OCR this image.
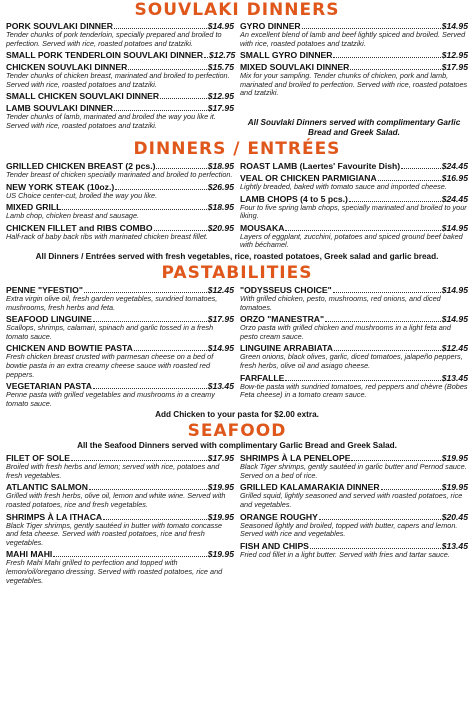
SOUVLAKI DINNERS
PORK SOUVLAKI DINNER	$14.95
Tender chunks of pork tenderloin, specially prepared and broiled to perfection. Served with rice, roasted potatoes and tzatziki.
SMALL PORK TENDERLOIN SOUVLAKI DINNER $12.75
CHICKEN SOUVLAKI DINNER	$15.75
Tender chunks of chicken breast, marinated and broiled to perfection. Served with rice, roasted potatoes and tzatziki.
SMALL CHICKEN SOUVLAKI DINNER	$12.95
LAMB SOUVLAKI DINNER	$17.95
Tender chunks of lamb, marinated and broiled the way you like it. Served with rice, roasted potatoes and tzatziki.
GYRO DINNER	$14.95
An excellent blend of lamb and beef lightly spiced and broiled. Served with rice, roasted potatoes and tzatziki.
SMALL GYRO DINNER	$12.95
MIXED SOUVLAKI DINNER	$17.95
Mix for your sampling. Tender chunks of chicken, pork and lamb, marinated and broiled to perfection. Served with rice, roasted potatoes and tzatziki.
All Souvlaki Dinners served with complimentary Garlic Bread and Greek Salad.
DINNERS / ENTRÉES
GRILLED CHICKEN BREAST (2 pcs.)	$18.95
Tender breast of chicken specially marinated and broiled to perfection.
NEW YORK STEAK (10oz.)	$26.95
US Choice center-cut, broiled the way you like.
MIXED GRILL	$18.95
Lamb chop, chicken breast and sausage.
CHICKEN FILLET and RIBS COMBO	$20.95
Half-rack of baby back ribs with marinated chicken breast fillet.
ROAST LAMB (Laertes' Favourite Dish)	$24.45
VEAL OR CHICKEN PARMIGIANA	$16.95
Lightly breaded, baked with tomato sauce and imported cheese.
LAMB CHOPS (4 to 5 pcs.)	$24.45
Four to five spring lamb chops, specially marinated and broiled to your liking.
MOUSAKA	$14.95
Layers of eggplant, zucchini, potatoes and spiced ground beef baked with béchamel.
All Dinners / Entrées served with fresh vegetables, rice, roasted potatoes, Greek salad and garlic bread.
PASTABILITIES
PENNE "YFESTIO"	$12.45
Extra virgin olive oil, fresh garden vegetables, sundried tomatoes, mushrooms, fresh herbs and feta.
SEAFOOD LINGUINE	$17.95
Scallops, shrimps, calamari, spinach and garlic tossed in a fresh tomato sauce.
CHICKEN AND BOWTIE PASTA	$14.95
Fresh chicken breast crusted with parmesan cheese on a bed of bowtie pasta in an extra creamy cheese sauce with roasted red peppers.
VEGETARIAN PASTA	$13.45
Penne pasta with grilled vegetables and mushrooms in a creamy tomato sauce.
"ODYSSEUS CHOICE"	$14.95
With grilled chicken, pesto, mushrooms, red onions, and diced tomatoes.
ORZO "MANESTRA"	$14.95
Orzo pasta with grilled chicken and mushrooms in a light feta and pesto cream sauce.
LINGUINE ARRABIATA	$12.45
Green onions, black olives, garlic, diced tomatoes, jalapeño peppers, fresh herbs, olive oil and asiago cheese.
FARFALLE	$13.45
Bow-tie pasta with sundried tomatoes, red peppers and chèvre (Bobes Feta cheese) in a tomato cream sauce.
Add Chicken to your pasta for $2.00 extra.
SEAFOOD
All the Seafood Dinners served with complimentary Garlic Bread and Greek Salad.
FILET OF SOLE	$17.95
Broiled with fresh herbs and lemon; served with rice, potatoes and fresh vegetables.
ATLANTIC SALMON	$19.95
Grilled with fresh herbs, olive oil, lemon and white wine. Served with roasted potatoes, rice and fresh vegetables.
SHRIMPS À LA ITHACA	$19.95
Black Tiger shrimps, gently sautéed in butter with tomato concasse and feta cheese. Served with roasted potatoes, rice and fresh vegetables.
MAHI MAHI	$19.95
Fresh Mahi Mahi grilled to perfection and topped with lemon/oil/oregano dressing. Served with roasted potatoes, rice and vegetables.
SHRIMPS À LA PENELOPE	$19.95
Black Tiger shrimps, gently sautéed in garlic butter and Pernod sauce. Served on a bed of rice.
GRILLED KALAMARAKIA DINNER	$19.95
Grilled squid, lightly seasoned and served with roasted potatoes, rice and vegetables.
ORANGE ROUGHY	$20.45
Seasoned lightly and broiled, topped with butter, capers and lemon. Served with rice and vegetables.
FISH AND CHIPS	$13.45
Fried cod fillet in a light butter. Served with fries and tartar sauce.
